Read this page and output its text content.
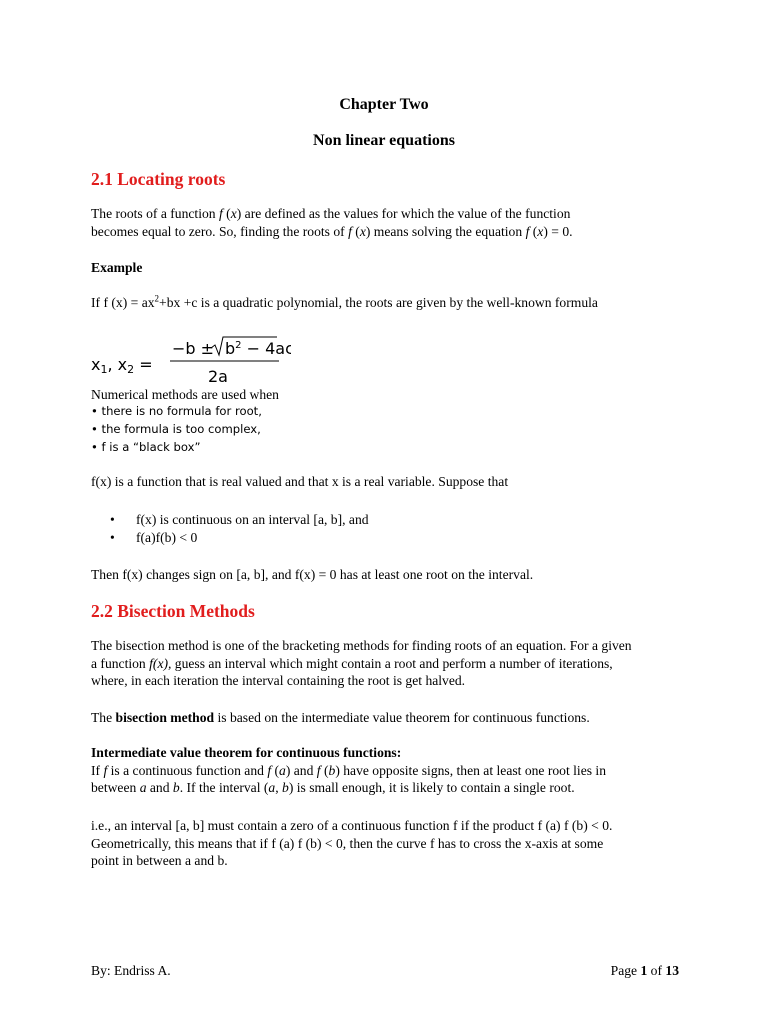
Chapter Two
Non linear equations
2.1 Locating roots
The roots of a function f (x) are defined as the values for which the value of the function
becomes equal to zero. So, finding the roots of f (x) means solving the equation f (x) = 0.
Example
If f $(x) = ax^2+bx +c$ is a quadratic polynomial, the roots are given by the well-known formula
x1, x2 =
$-b \pm b^2 - 4ac$
2a
Numerical methods are used when
• there is no formula for root,
• the formula is too complex,
• f is a “black box”
f(x) is a function that is real valued and that x is a real variable. Suppose that
• f(x) is continuous on an interval [a, b], and
• f(a)f(b) < 0
Then f(x) changes sign on [a, b], and f(x) = 0 has at least one root on the interval.
2.2 Bisection Methods
The bisection method is one of the bracketing methods for finding roots of an equation. For a given
a function f(x), guess an interval which might contain a root and perform a number of iterations,
where, in each iteration the interval containing the root is get halved.
The bisection method is based on the intermediate value theorem for continuous functions.
Intermediate value theorem for continuous functions:
If f is a continuous function and f (a) and f (b) have opposite signs, then at least one root lies in
between a and b. If the interval (a, b) is small enough, it is likely to contain a single root.
i.e., an interval [a, b] must contain a zero of a continuous function f if the product f (a) f (b) < 0.
Geometrically, this means that if f (a) f (b) < 0, then the curve f has to cross the x-axis at some
point in between a and b.
By: Endriss A.	Page 1 of 13
